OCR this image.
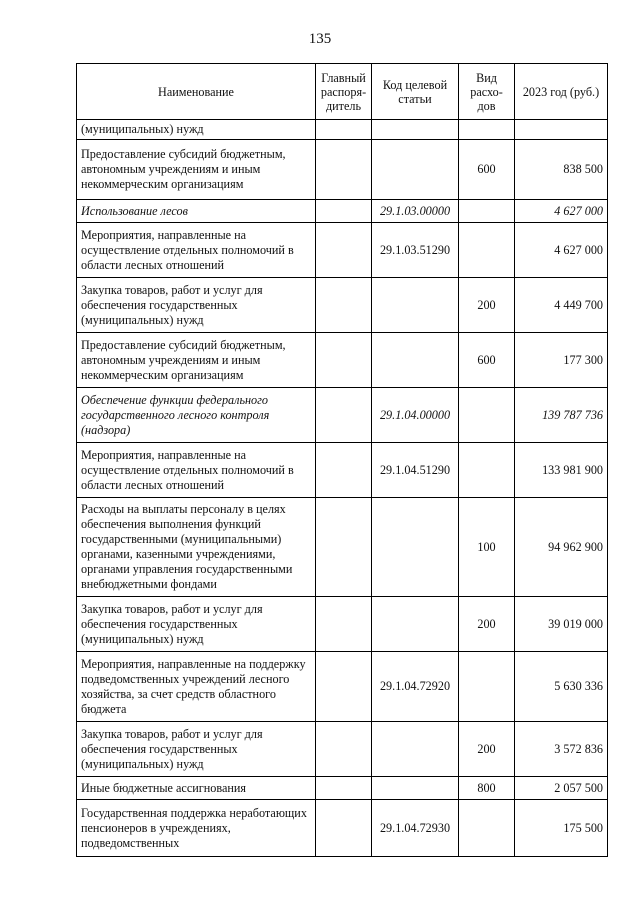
135
Наименование	Главный распоря-дитель	Код целевой статьи	Вид расхо-дов	2023 год (руб.)
(муниципальных) нужд				
Предоставление субсидий бюджетным, автономным учреждениям и иным некоммерческим организациям			600	838 500
Использование лесов		29.1.03.00000		4 627 000
Мероприятия, направленные на осуществление отдельных полномочий в области лесных отношений		29.1.03.51290		4 627 000
Закупка товаров, работ и услуг для обеспечения государственных (муниципальных) нужд			200	4 449 700
Предоставление субсидий бюджетным, автономным учреждениям и иным некоммерческим организациям			600	177 300
Обеспечение функции федерального государственного лесного контроля (надзора)		29.1.04.00000		139 787 736
Мероприятия, направленные на осуществление отдельных полномочий в области лесных отношений		29.1.04.51290		133 981 900
Расходы на выплаты персоналу в целях обеспечения выполнения функций государственными (муниципальными) органами, казенными учреждениями, органами управления государственными внебюджетными фондами			100	94 962 900
Закупка товаров, работ и услуг для обеспечения государственных (муниципальных) нужд			200	39 019 000
Мероприятия, направленные на поддержку подведомственных учреждений лесного хозяйства, за счет средств областного бюджета		29.1.04.72920		5 630 336
Закупка товаров, работ и услуг для обеспечения государственных (муниципальных) нужд			200	3 572 836
Иные бюджетные ассигнования			800	2 057 500
Государственная поддержка неработающих пенсионеров в учреждениях, подведомственных		29.1.04.72930		175 500
